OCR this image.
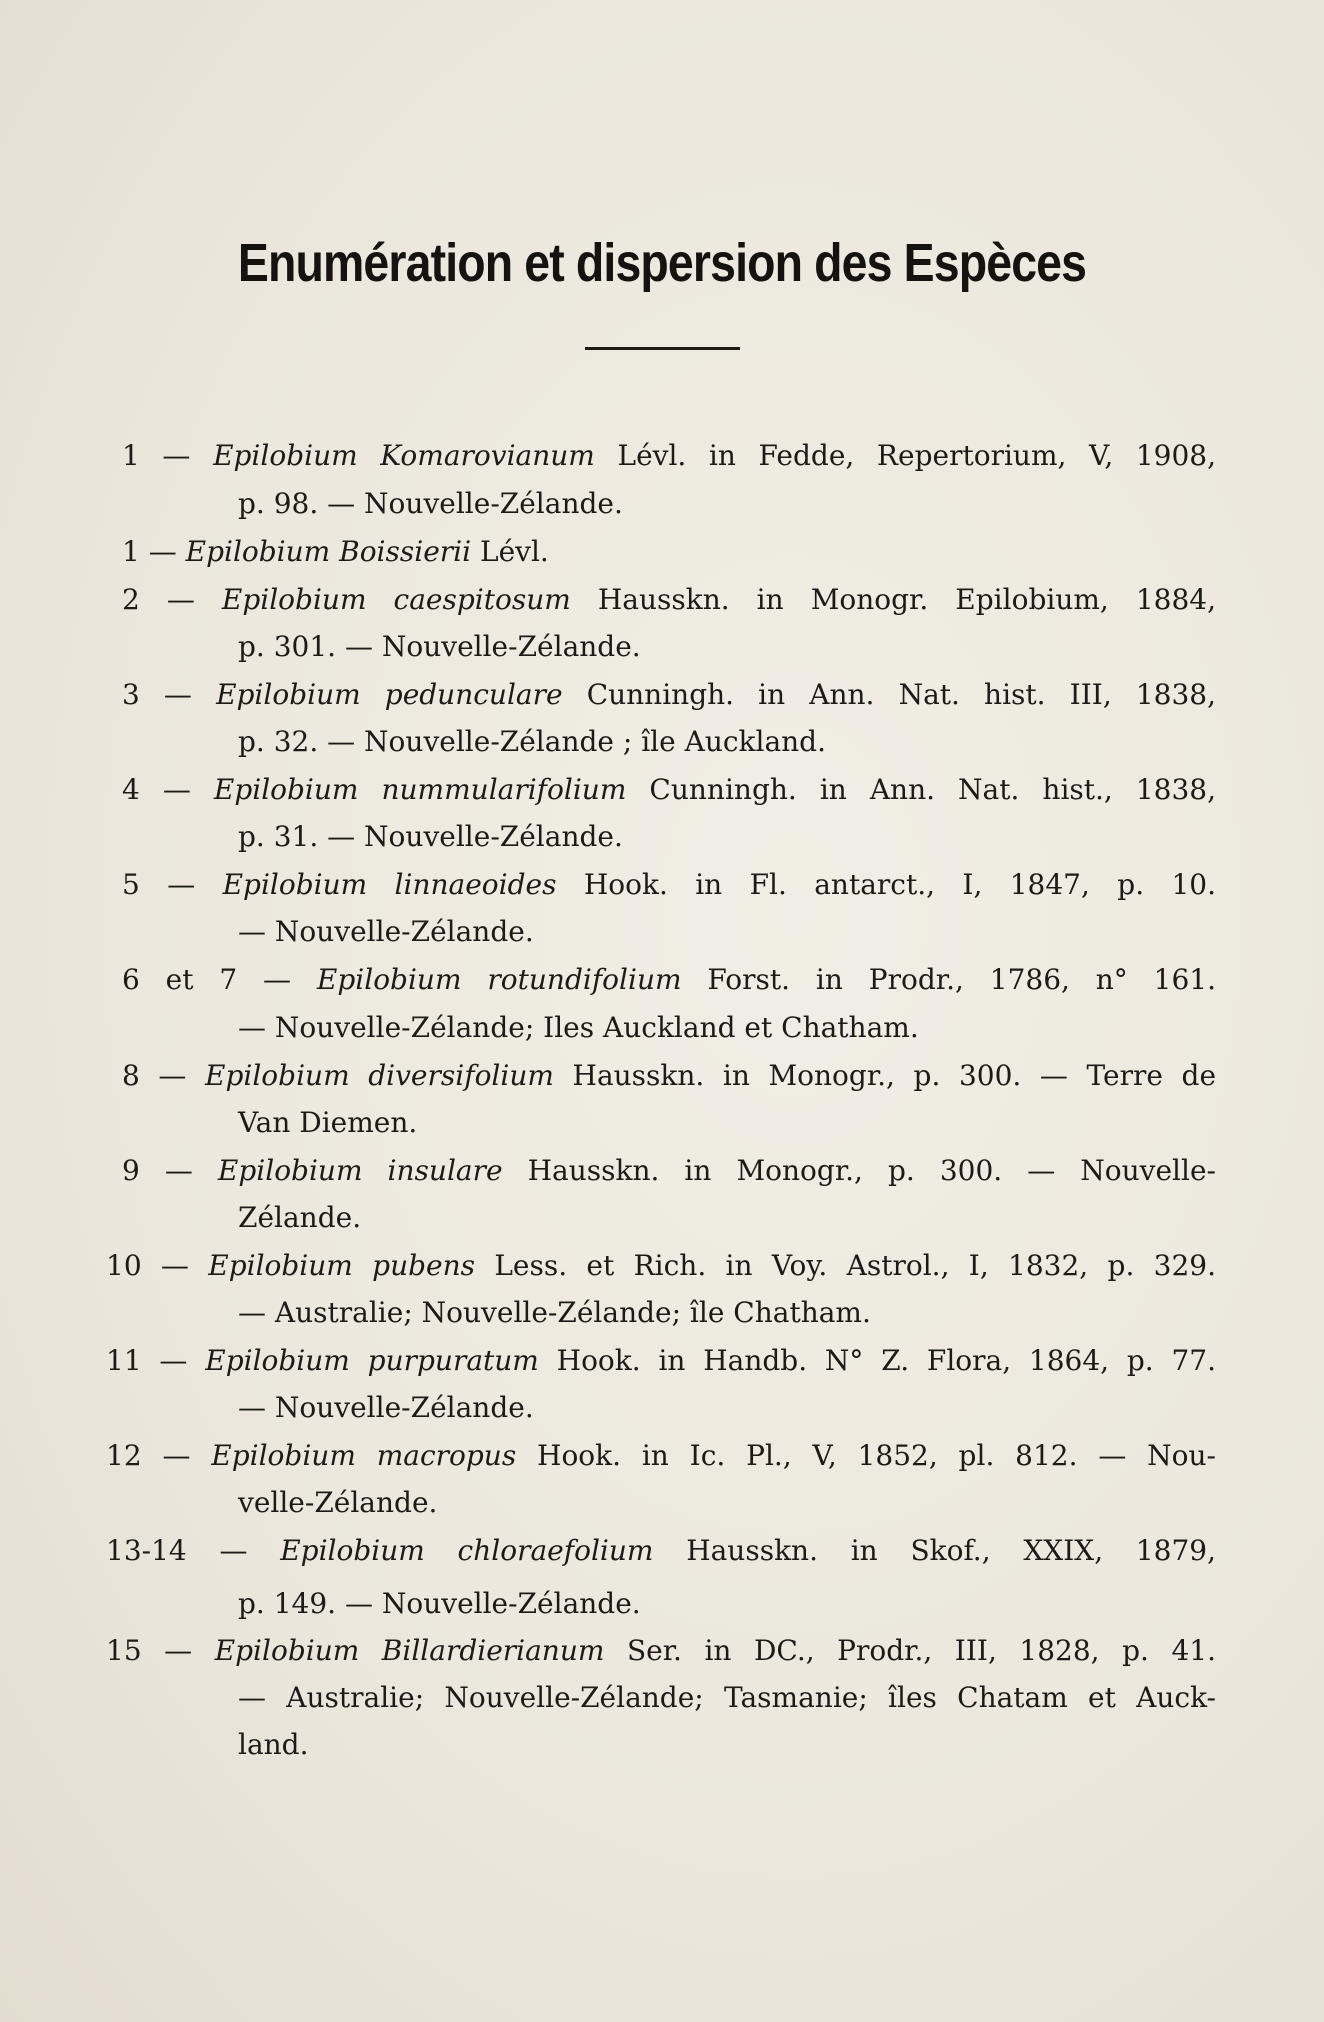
Enumération et dispersion des Espèces
1 — Epilobium Komarovianum Lévl. in Fedde, Repertorium, V, 1908,
p. 98. — Nouvelle-Zélande.
1 — Epilobium Boissierii Lévl.
2 — Epilobium caespitosum Hausskn. in Monogr. Epilobium, 1884,
p. 301. — Nouvelle-Zélande.
3 — Epilobium pedunculare Cunningh. in Ann. Nat. hist. III, 1838,
p. 32. — Nouvelle-Zélande ; île Auckland.
4 — Epilobium nummularifolium Cunningh. in Ann. Nat. hist., 1838,
p. 31. — Nouvelle-Zélande.
5 — Epilobium linnaeoides Hook. in Fl. antarct., I, 1847, p. 10.
— Nouvelle-Zélande.
6 et 7 — Epilobium rotundifolium Forst. in Prodr., 1786, n° 161.
— Nouvelle-Zélande; Iles Auckland et Chatham.
8 — Epilobium diversifolium Hausskn. in Monogr., p. 300. — Terre de
Van Diemen.
9 — Epilobium insulare Hausskn. in Monogr., p. 300. — Nouvelle-
Zélande.
10 — Epilobium pubens Less. et Rich. in Voy. Astrol., I, 1832, p. 329.
— Australie; Nouvelle-Zélande; île Chatham.
11 — Epilobium purpuratum Hook. in Handb. N° Z. Flora, 1864, p. 77.
— Nouvelle-Zélande.
12 — Epilobium macropus Hook. in Ic. Pl., V, 1852, pl. 812. — Nou-
velle-Zélande.
13-14 — Epilobium chloraefolium Hausskn. in Skof., XXIX, 1879,
p. 149. — Nouvelle-Zélande.
15 — Epilobium Billardierianum Ser. in DC., Prodr., III, 1828, p. 41.
— Australie; Nouvelle-Zélande; Tasmanie; îles Chatam et Auck-
land.
